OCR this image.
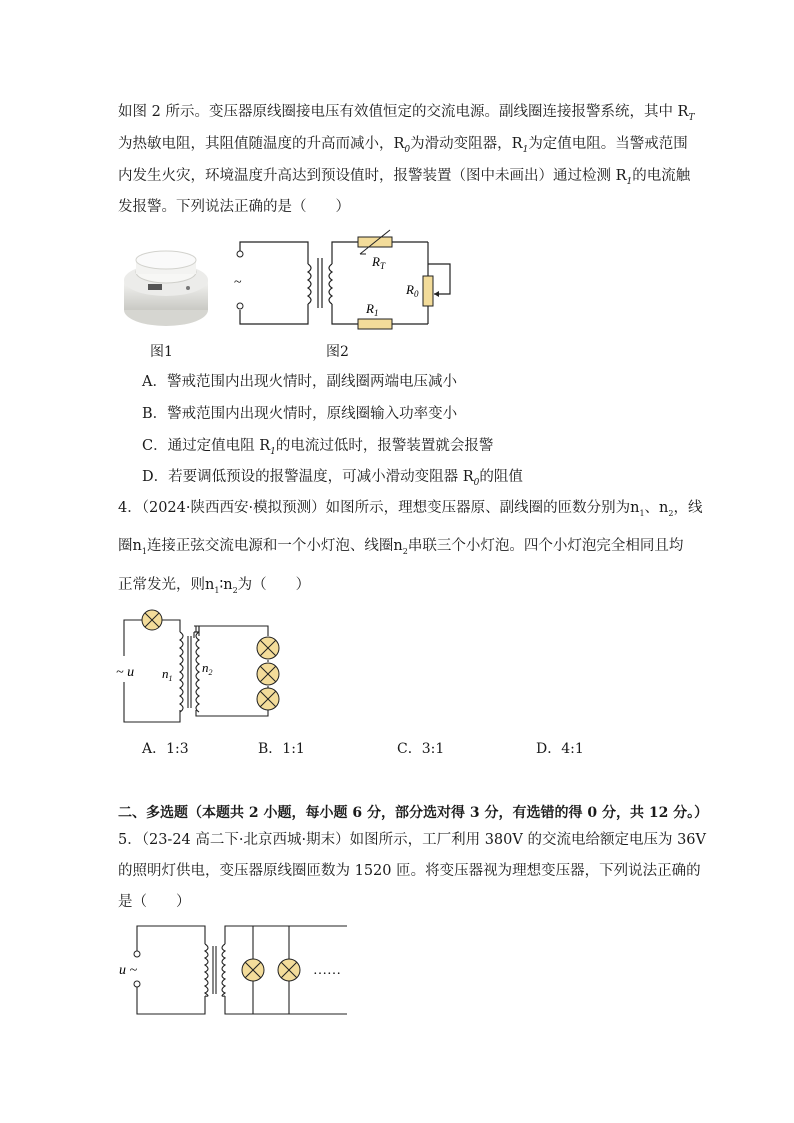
如图 2 所示。变压器原线圈接电压有效值恒定的交流电源。副线圈连接报警系统，其中 $R_T$
为热敏电阻，其阻值随温度的升高而减小，$R_0$为滑动变阻器，$R_1$为定值电阻。当警戒范围
内发生火灾，环境温度升高达到预设值时，报警装置（图中未画出）通过检测 $R_1$的电流触
发报警。下列说法正确的是（　　）
图1
~
$R_T$
$R_0$
$R_1$
图2
A．警戒范围内出现火情时，副线圈两端电压减小
B．警戒范围内出现火情时，原线圈输入功率变小
C．通过定值电阻 $R_1$的电流过低时，报警装置就会报警
D．若要调低预设的报警温度，可减小滑动变阻器 $R_0$的阻值
4．（2024·陕西西安·模拟预测）如图所示，理想变压器原、副线圈的匝数分别为$n_1$、$n_2$，线
圈$n_1$连接正弦交流电源和一个小灯泡、线圈$n_2$串联三个小灯泡。四个小灯泡完全相同且均
正常发光，则$n_1∶n_2$为（　　）
~ u $n_1$
$n_2$
A．1:3	B．1:1	C．3:1	D．4:1
二、多选题（本题共 2 小题，每小题 6 分，部分选对得 3 分，有选错的得 0 分，共 12 分。）
5．（23-24 高二下·北京西城·期末）如图所示，工厂利用 380V 的交流电给额定电压为 36V
的照明灯供电，变压器原线圈匝数为 1520 匝。将变压器视为理想变压器，下列说法正确的
是（　　）
u ~	……
